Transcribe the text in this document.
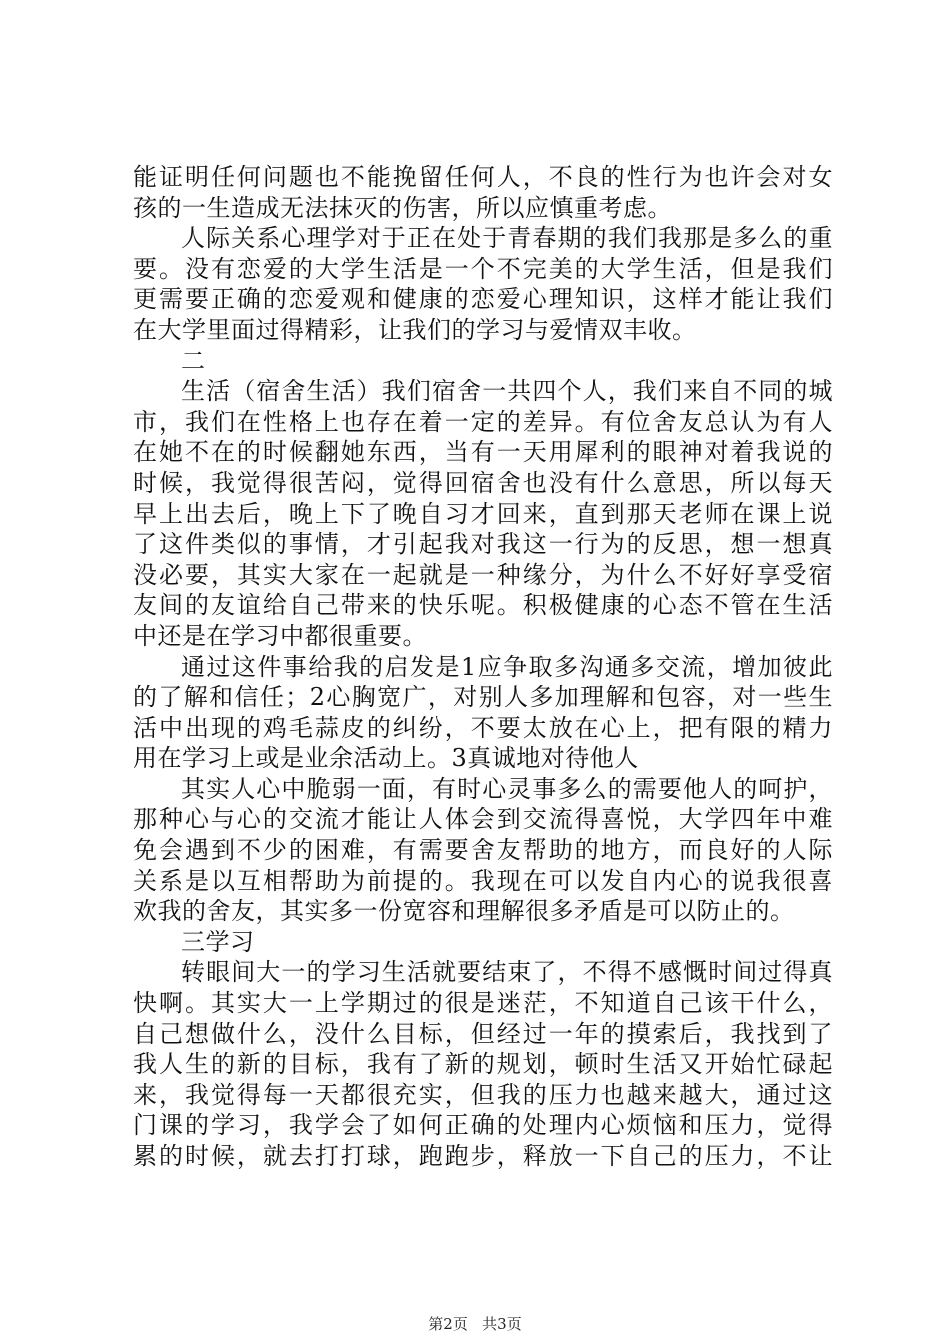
能证明任何问题也不能挽留任何人，不良的性行为也许会对女
孩的一生造成无法抹灭的伤害，所以应慎重考虑。
人际关系心理学对于正在处于青春期的我们我那是多么的重
要。没有恋爱的大学生活是一个不完美的大学生活，但是我们
更需要正确的恋爱观和健康的恋爱心理知识，这样才能让我们
在大学里面过得精彩，让我们的学习与爱情双丰收。
二
生活（宿舍生活）我们宿舍一共四个人，我们来自不同的城
市，我们在性格上也存在着一定的差异。有位舍友总认为有人
在她不在的时候翻她东西，当有一天用犀利的眼神对着我说的
时候，我觉得很苦闷，觉得回宿舍也没有什么意思，所以每天
早上出去后，晚上下了晚自习才回来，直到那天老师在课上说
了这件类似的事情，才引起我对我这一行为的反思，想一想真
没必要，其实大家在一起就是一种缘分，为什么不好好享受宿
友间的友谊给自己带来的快乐呢。积极健康的心态不管在生活
中还是在学习中都很重要。
通过这件事给我的启发是1应争取多沟通多交流，增加彼此
的了解和信任；2心胸宽广，对别人多加理解和包容，对一些生
活中出现的鸡毛蒜皮的纠纷，不要太放在心上，把有限的精力
用在学习上或是业余活动上。3真诚地对待他人
其实人心中脆弱一面，有时心灵事多么的需要他人的呵护，
那种心与心的交流才能让人体会到交流得喜悦，大学四年中难
免会遇到不少的困难，有需要舍友帮助的地方，而良好的人际
关系是以互相帮助为前提的。我现在可以发自内心的说我很喜
欢我的舍友，其实多一份宽容和理解很多矛盾是可以防止的。
三学习
转眼间大一的学习生活就要结束了，不得不感慨时间过得真
快啊。其实大一上学期过的很是迷茫，不知道自己该干什么，
自己想做什么，没什么目标，但经过一年的摸索后，我找到了
我人生的新的目标，我有了新的规划，顿时生活又开始忙碌起
来，我觉得每一天都很充实，但我的压力也越来越大，通过这
门课的学习，我学会了如何正确的处理内心烦恼和压力，觉得
累的时候，就去打打球，跑跑步，释放一下自己的压力，不让
第2页 共3页
